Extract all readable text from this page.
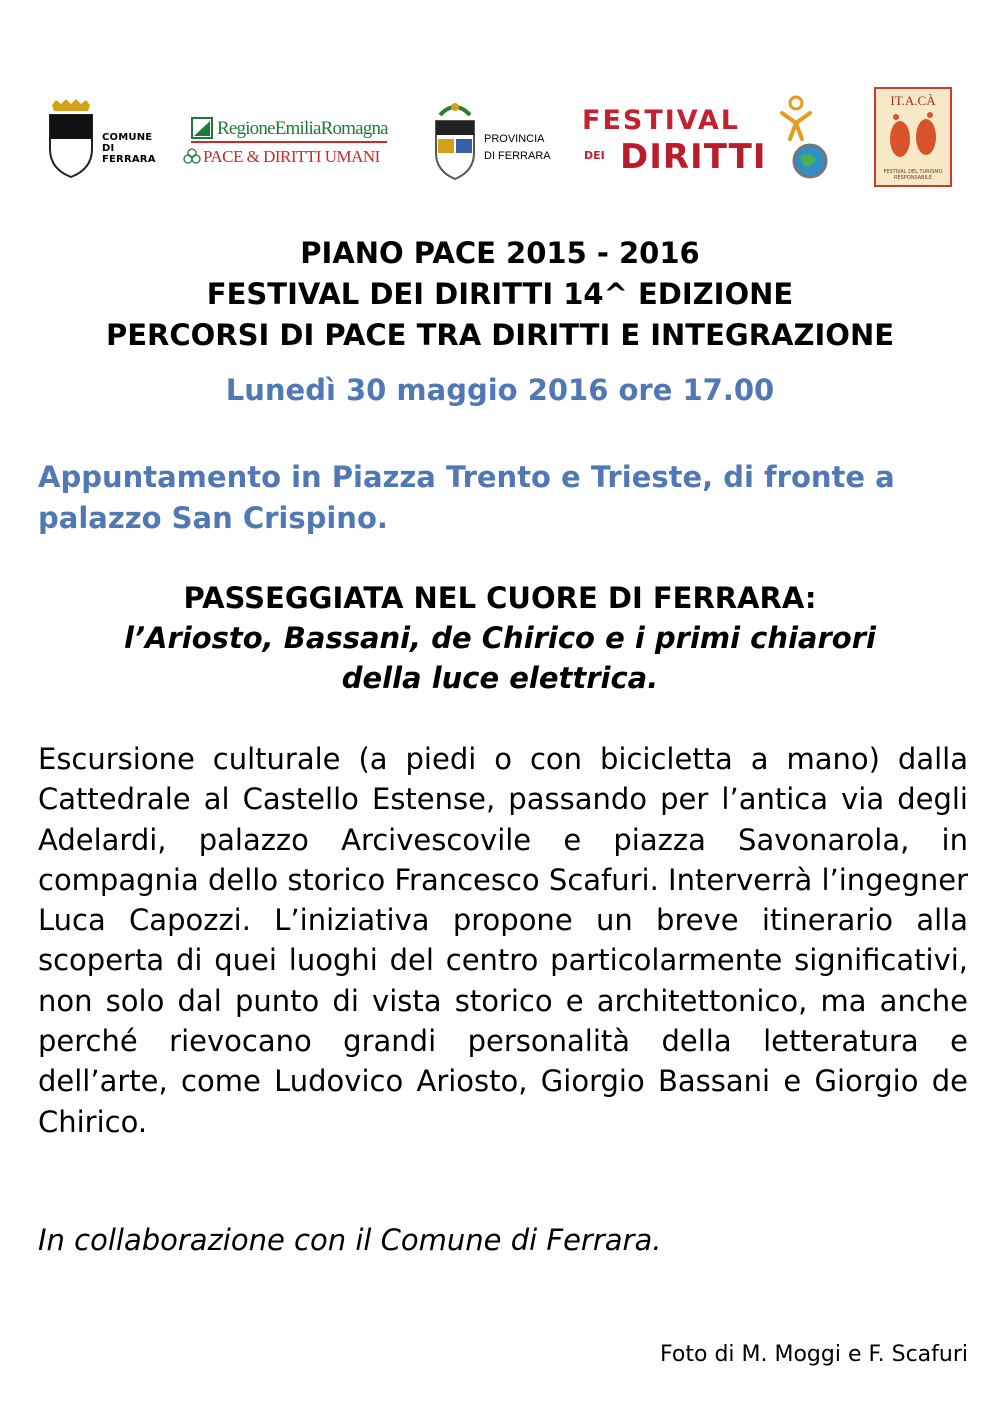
COMUNE
DI FERRARA
RegioneEmiliaRomagna
PACE & DIRITTI UMANI
PROVINCIA
DI FERRARA
FESTIVAL
DEI DIRITTI
IT.A.CÀ
FESTIVAL DEL TURISMO RESPONSABILE
PIANO PACE 2015 - 2016
FESTIVAL DEI DIRITTI 14^ EDIZIONE
PERCORSI DI PACE TRA DIRITTI E INTEGRAZIONE
Lunedì 30 maggio 2016 ore 17.00
Appuntamento in Piazza Trento e Trieste, di fronte a palazzo San Crispino.
PASSEGGIATA NEL CUORE DI FERRARA:
l’Ariosto, Bassani, de Chirico e i primi chiarori
della luce elettrica.
Escursione culturale (a piedi o con bicicletta a mano) dalla Cattedrale al Castello Estense, passando per l’antica via degli Adelardi, palazzo Arcivescovile e piazza Savonarola, in compagnia dello storico Francesco Scafuri. Interverrà l’ingegner Luca Capozzi. L’iniziativa propone un breve itinerario alla scoperta di quei luoghi del centro particolarmente significativi, non solo dal punto di vista storico e architettonico, ma anche perché rievocano grandi personalità della letteratura e dell’arte, come Ludovico Ariosto, Giorgio Bassani e Giorgio de Chirico.
In collaborazione con il Comune di Ferrara.
Foto di M. Moggi e F. Scafuri
